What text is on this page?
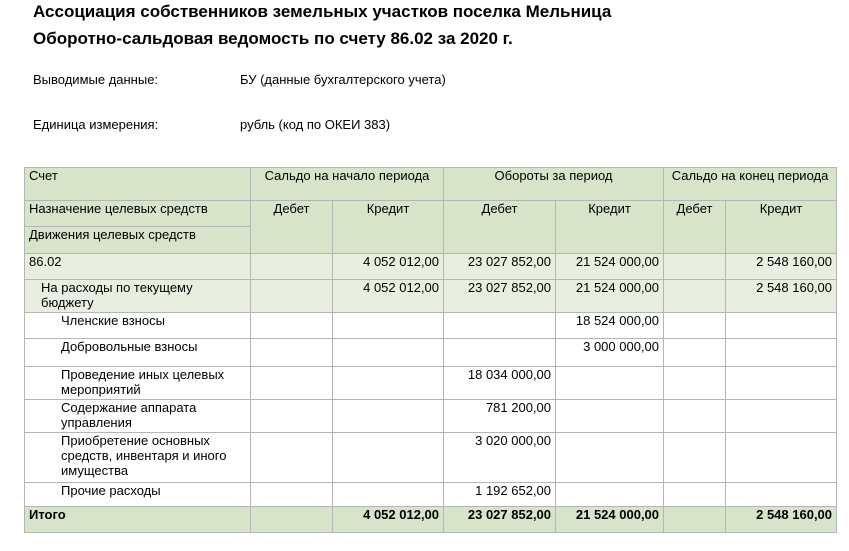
Ассоциация собственников земельных участков поселка Мельница
Оборотно-сальдовая ведомость по счету 86.02 за 2020 г.
Выводимые данные:	БУ (данные бухгалтерского учета)
Единица измерения:	рубль (код по ОКЕИ 383)
Счет	Сальдо на начало периода		Обороты за период		Сальдо на конец периода	
Назначение целевых средств	Дебет	Кредит	Дебет	Кредит	Дебет	Кредит
Движения целевых средств						
86.02		4 052 012,00	23 027 852,00	21 524 000,00		2 548 160,00
На расходы по текущему бюджету		4 052 012,00	23 027 852,00	21 524 000,00		2 548 160,00
Членские взносы				18 524 000,00		
Добровольные взносы				3 000 000,00		
Проведение иных целевых мероприятий			18 034 000,00			
Содержание аппарата управления			781 200,00			
Приобретение основных средств, инвентаря и иного имущества			3 020 000,00			
Прочие расходы			1 192 652,00			
Итого		4 052 012,00	23 027 852,00	21 524 000,00		2 548 160,00
